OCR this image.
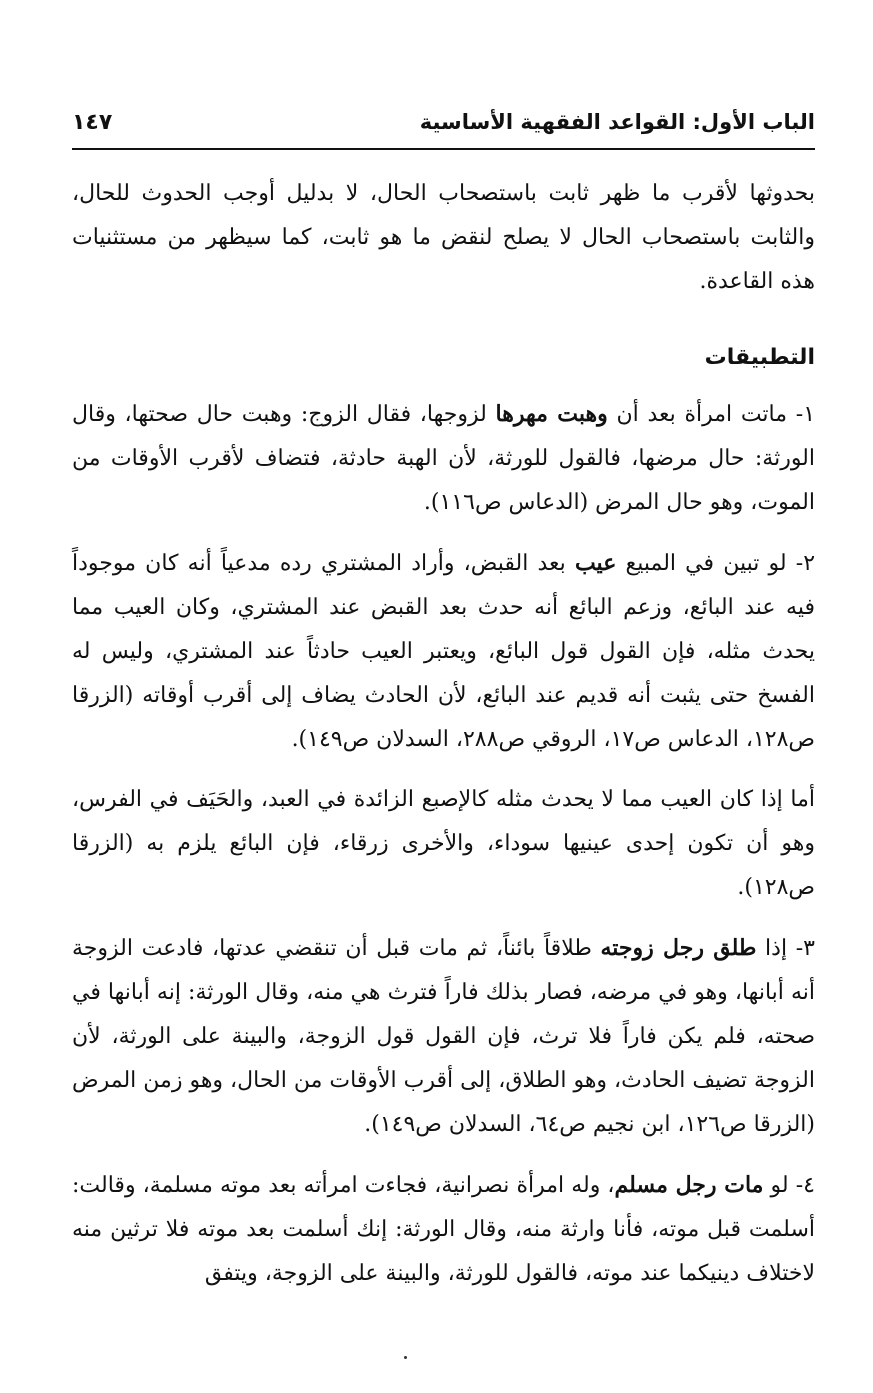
الباب الأول: القواعد الفقهية الأساسية
١٤٧

بحدوثها لأقرب ما ظهر ثابت باستصحاب الحال، لا بدليل أوجب الحدوث للحال، والثابت باستصحاب الحال لا يصلح لنقض ما هو ثابت، كما سيظهر من مستثنيات هذه القاعدة.

التطبيقات

١- ماتت امرأة بعد أن وهبت مهرها لزوجها، فقال الزوج: وهبت حال صحتها، وقال الورثة: حال مرضها، فالقول للورثة، لأن الهبة حادثة، فتضاف لأقرب الأوقات من الموت، وهو حال المرض (الدعاس ص١١٦).

٢- لو تبين في المبيع عيب بعد القبض، وأراد المشتري رده مدعياً أنه كان موجوداً فيه عند البائع، وزعم البائع أنه حدث بعد القبض عند المشتري، وكان العيب مما يحدث مثله، فإن القول قول البائع، ويعتبر العيب حادثاً عند المشتري، وليس له الفسخ حتى يثبت أنه قديم عند البائع، لأن الحادث يضاف إلى أقرب أوقاته (الزرقا ص١٢٨، الدعاس ص١٧، الروقي ص٢٨٨، السدلان ص١٤٩).

أما إذا كان العيب مما لا يحدث مثله كالإصبع الزائدة في العبد، والحَيَف في الفرس، وهو أن تكون إحدى عينيها سوداء، والأخرى زرقاء، فإن البائع يلزم به (الزرقا ص١٢٨).

٣- إذا طلق رجل زوجته طلاقاً بائناً، ثم مات قبل أن تنقضي عدتها، فادعت الزوجة أنه أبانها، وهو في مرضه، فصار بذلك فاراً فترث هي منه، وقال الورثة: إنه أبانها في صحته، فلم يكن فاراً فلا ترث، فإن القول قول الزوجة، والبينة على الورثة، لأن الزوجة تضيف الحادث، وهو الطلاق، إلى أقرب الأوقات من الحال، وهو زمن المرض (الزرقا ص١٢٦، ابن نجيم ص٦٤، السدلان ص١٤٩).

٤- لو مات رجل مسلم، وله امرأة نصرانية، فجاءت امرأته بعد موته مسلمة، وقالت: أسلمت قبل موته، فأنا وارثة منه، وقال الورثة: إنك أسلمت بعد موته فلا ترثين منه لاختلاف دينيكما عند موته، فالقول للورثة، والبينة على الزوجة، ويتفق
